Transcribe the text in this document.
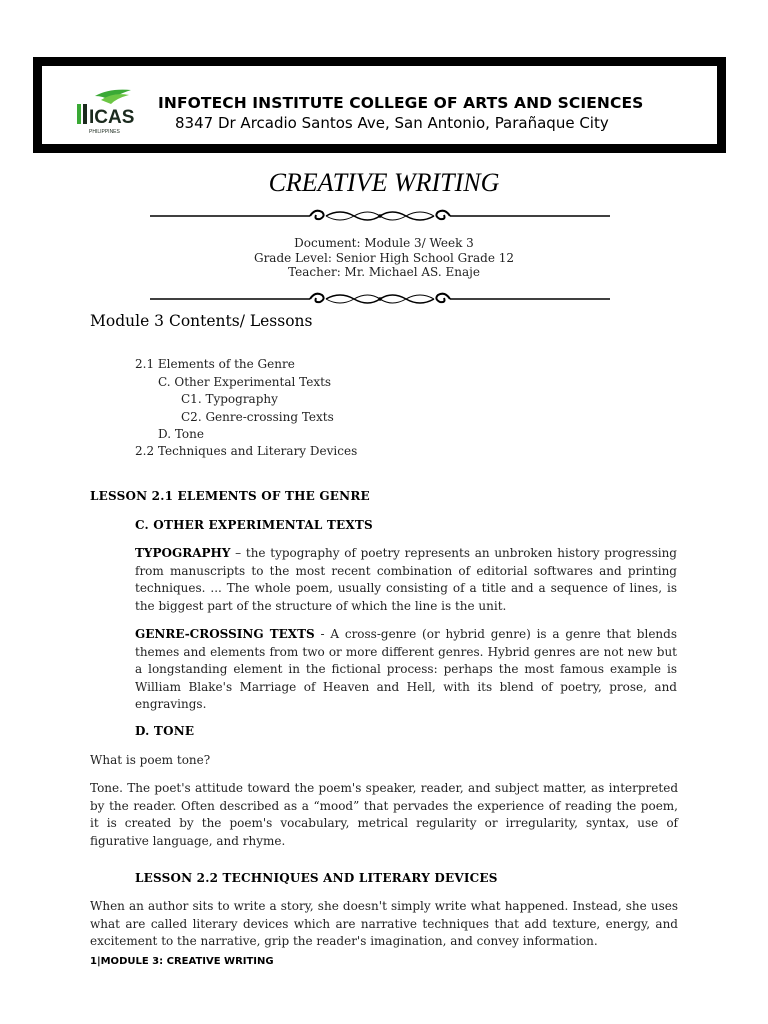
ICAS
PHILIPPINES
INFOTECH INSTITUTE COLLEGE OF ARTS AND SCIENCES
8347 Dr Arcadio Santos Ave, San Antonio, Parañaque City
CREATIVE WRITING
Document: Module 3/ Week 3
Grade Level: Senior High School Grade 12
Teacher: Mr. Michael AS. Enaje
Module 3 Contents/ Lessons
2.1 Elements of the Genre
C. Other Experimental Texts
C1. Typography
C2. Genre-crossing Texts
D. Tone
2.2 Techniques and Literary Devices
LESSON 2.1 ELEMENTS OF THE GENRE
C. OTHER EXPERIMENTAL TEXTS
TYPOGRAPHY – the typography of poetry represents an unbroken history progressing from manuscripts to the most recent combination of editorial softwares and printing techniques. ... The whole poem, usually consisting of a title and a sequence of lines, is the biggest part of the structure of which the line is the unit.
GENRE-CROSSING TEXTS - A cross-genre (or hybrid genre) is a genre that blends themes and elements from two or more different genres. Hybrid genres are not new but a longstanding element in the fictional process: perhaps the most famous example is William Blake's Marriage of Heaven and Hell, with its blend of poetry, prose, and engravings.
D. TONE
What is poem tone?
Tone. The poet's attitude toward the poem's speaker, reader, and subject matter, as interpreted by the reader. Often described as a “mood” that pervades the experience of reading the poem, it is created by the poem's vocabulary, metrical regularity or irregularity, syntax, use of figurative language, and rhyme.
LESSON 2.2 TECHNIQUES AND LITERARY DEVICES
When an author sits to write a story, she doesn't simply write what happened. Instead, she uses what are called literary devices which are narrative techniques that add texture, energy, and excitement to the narrative, grip the reader's imagination, and convey information.
1|MODULE 3: CREATIVE WRITING
